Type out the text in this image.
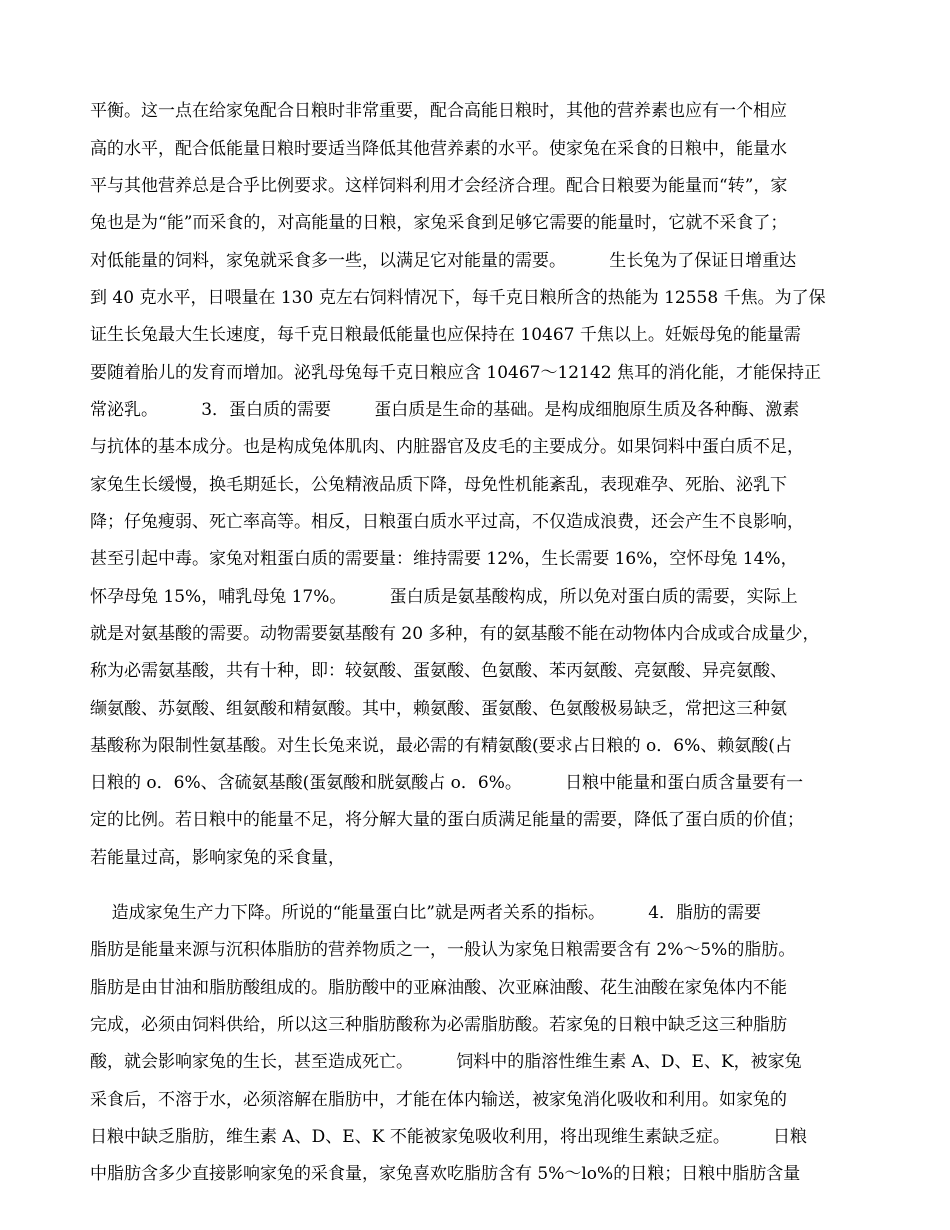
平衡。这一点在给家兔配合日粮时非常重要，配合高能日粮时，其他的营养素也应有一个相应
高的水平，配合低能量日粮时要适当降低其他营养素的水平。使家兔在采食的日粮中，能量水
平与其他营养总是合乎比例要求。这样饲料利用才会经济合理。配合日粮要为能量而“转”，家
兔也是为“能”而采食的，对高能量的日粮，家兔采食到足够它需要的能量时，它就不采食了；
对低能量的饲料，家兔就采食多一些，以满足它对能量的需要。        生长兔为了保证日增重达
到 40 克水平，日喂量在 130 克左右饲料情况下，每千克日粮所含的热能为 12558 千焦。为了保
证生长兔最大生长速度，每千克日粮最低能量也应保持在 10467 千焦以上。妊娠母兔的能量需
要随着胎儿的发育而增加。泌乳母兔每千克日粮应含 10467～12142 焦耳的消化能，才能保持正
常泌乳。        3．蛋白质的需要        蛋白质是生命的基础。是构成细胞原生质及各种酶、激素
与抗体的基本成分。也是构成兔体肌肉、内脏器官及皮毛的主要成分。如果饲料中蛋白质不足，
家兔生长缓慢，换毛期延长，公兔精液品质下降，母免性机能紊乱，表现难孕、死胎、泌乳下
降；仔兔瘦弱、死亡率高等。相反，日粮蛋白质水平过高，不仅造成浪费，还会产生不良影响，
甚至引起中毒。家兔对粗蛋白质的需要量：维持需要 12%，生长需要 16%，空怀母兔 14%，
怀孕母兔 15%，哺乳母兔 17%。        蛋白质是氨基酸构成，所以免对蛋白质的需要，实际上
就是对氨基酸的需要。动物需要氨基酸有 20 多种，有的氨基酸不能在动物体内合成或合成量少，
称为必需氨基酸，共有十种，即：较氨酸、蛋氨酸、色氨酸、苯丙氨酸、亮氨酸、异亮氨酸、
缬氨酸、苏氨酸、组氨酸和精氨酸。其中，赖氨酸、蛋氨酸、色氨酸极易缺乏，常把这三种氨
基酸称为限制性氨基酸。对生长兔来说，最必需的有精氨酸(要求占日粮的 o．6%、赖氨酸(占
日粮的 o．6%、含硫氨基酸(蛋氨酸和胱氨酸占 o．6%。        日粮中能量和蛋白质含量要有一
定的比例。若日粮中的能量不足，将分解大量的蛋白质满足能量的需要，降低了蛋白质的价值；
若能量过高，影响家兔的采食量，
造成家兔生产力下降。所说的“能量蛋白比”就是两者关系的指标。        4．脂肪的需要
脂肪是能量来源与沉积体脂肪的营养物质之一，一般认为家兔日粮需要含有 2%～5%的脂肪。
脂肪是由甘油和脂肪酸组成的。脂肪酸中的亚麻油酸、次亚麻油酸、花生油酸在家兔体内不能
完成，必须由饲料供给，所以这三种脂肪酸称为必需脂肪酸。若家兔的日粮中缺乏这三种脂肪
酸，就会影响家兔的生长，甚至造成死亡。        饲料中的脂溶性维生素 A、D、E、K，被家兔
采食后，不溶于水，必须溶解在脂肪中，才能在体内输送，被家兔消化吸收和利用。如家兔的
日粮中缺乏脂肪，维生素 A、D、E、K 不能被家兔吸收利用，将出现维生素缺乏症。        日粮
中脂肪含多少直接影响家兔的采食量，家兔喜欢吃脂肪含有 5%～lo%的日粮；日粮中脂肪含量
